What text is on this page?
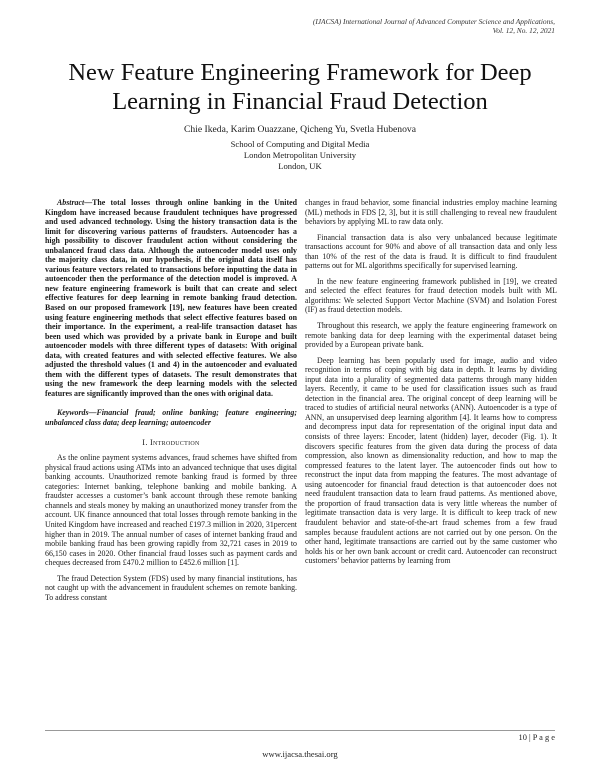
(IJACSA) International Journal of Advanced Computer Science and Applications,
Vol. 12, No. 12, 2021
New Feature Engineering Framework for Deep Learning in Financial Fraud Detection
Chie Ikeda, Karim Ouazzane, Qicheng Yu, Svetla Hubenova
School of Computing and Digital Media
London Metropolitan University
London, UK

Abstract—The total losses through online banking in the United Kingdom have increased because fraudulent techniques have progressed and used advanced technology. Using the history transaction data is the limit for discovering various patterns of fraudsters. Autoencoder has a high possibility to discover fraudulent action without considering the unbalanced fraud class data. Although the autoencoder model uses only the majority class data, in our hypothesis, if the original data itself has various feature vectors related to transactions before inputting the data in autoencoder then the performance of the detection model is improved. A new feature engineering framework is built that can create and select effective features for deep learning in remote banking fraud detection. Based on our proposed framework [19], new features have been created using feature engineering methods that select effective features based on their importance. In the experiment, a real-life transaction dataset has been used which was provided by a private bank in Europe and built autoencoder models with three different types of datasets: With original data, with created features and with selected effective features. We also adjusted the threshold values (1 and 4) in the autoencoder and evaluated them with the different types of datasets. The result demonstrates that using the new framework the deep learning models with the selected features are significantly improved than the ones with original data.

Keywords—Financial fraud; online banking; feature engineering; unbalanced class data; deep learning; autoencoder

I. Introduction

As the online payment systems advances, fraud schemes have shifted from physical fraud actions using ATMs into an advanced technique that uses digital banking accounts. Unauthorized remote banking fraud is formed by three categories: Internet banking, telephone banking and mobile banking. A fraudster accesses a customer’s bank account through these remote banking channels and steals money by making an unauthorized money transfer from the account. UK finance announced that total losses through remote banking in the United Kingdom have increased and reached £197.3 million in 2020, 31percent higher than in 2019. The annual number of cases of internet banking fraud and mobile banking fraud has been growing rapidly from 32,721 cases in 2019 to 66,150 cases in 2020. Other financial fraud losses such as payment cards and cheques decreased from £470.2 million to £452.6 million [1].

The fraud Detection System (FDS) used by many financial institutions, has not caught up with the advancement in fraudulent schemes on remote banking. To address constant

changes in fraud behavior, some financial industries employ machine learning (ML) methods in FDS [2, 3], but it is still challenging to reveal new fraudulent behaviors by applying ML to raw data only.

Financial transaction data is also very unbalanced because legitimate transactions account for 90% and above of all transaction data and only less than 10% of the rest of the data is fraud. It is difficult to find fraudulent patterns out for ML algorithms specifically for supervised learning.

In the new feature engineering framework published in [19], we created and selected the effect features for fraud detection models built with ML algorithms: We selected Support Vector Machine (SVM) and Isolation Forest (IF) as fraud detection models.

Throughout this research, we apply the feature engineering framework on remote banking data for deep learning with the experimental dataset being provided by a European private bank.

Deep learning has been popularly used for image, audio and video recognition in terms of coping with big data in depth. It learns by dividing input data into a plurality of segmented data patterns through many hidden layers. Recently, it came to be used for classification issues such as fraud detection in the financial area. The original concept of deep learning will be traced to studies of artificial neural networks (ANN). Autoencoder is a type of ANN, an unsupervised deep learning algorithm [4]. It learns how to compress and decompress input data for representation of the original input data and consists of three layers: Encoder, latent (hidden) layer, decoder (Fig. 1). It discovers specific features from the given data during the process of data compression, also known as dimensionality reduction, and how to map the compressed features to the latent layer. The autoencoder finds out how to reconstruct the input data from mapping the features. The most advantage of using autoencoder for financial fraud detection is that autoencoder does not need fraudulent transaction data to learn fraud patterns. As mentioned above, the proportion of fraud transaction data is very little whereas the number of legitimate transaction data is very large. It is difficult to keep track of new fraudulent behavior and state-of-the-art fraud schemes from a few fraud samples because fraudulent actions are not carried out by one person. On the other hand, legitimate transactions are carried out by the same customer who holds his or her own bank account or credit card. Autoencoder can reconstruct customers’ behavior patterns by learning from

10 | P a g e
www.ijacsa.thesai.org
